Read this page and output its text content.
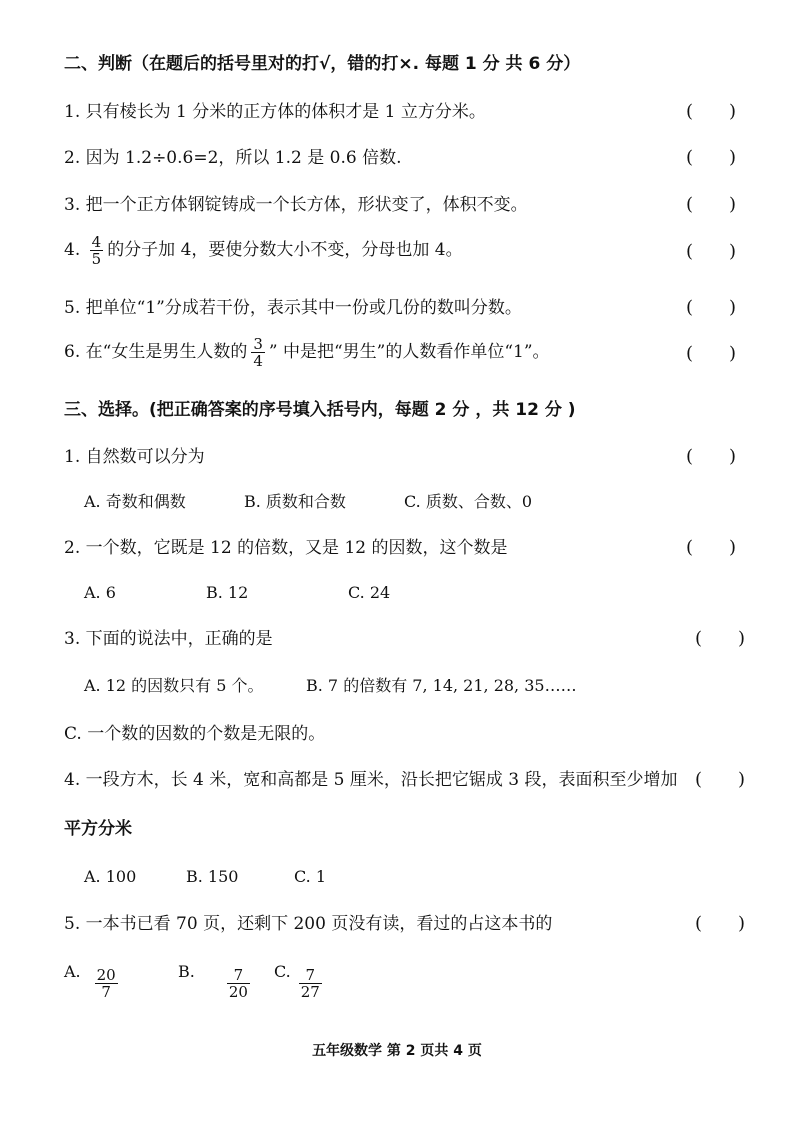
二、判断（在题后的括号里对的打√，错的打×. 每题 1 分 共 6 分）
1. 只有棱长为 1 分米的正方体的体积才是 1 立方分米。	(　　)
2. 因为 1.2÷0.6=2，所以 1.2 是 0.6 倍数.	(　　)
3. 把一个正方体钢锭铸成一个长方体，形状变了，体积不变。	(　　)
4. $\frac{4}{5}$ 的分子加 4，要使分数大小不变，分母也加 4。	(　　)
5. 把单位“1”分成若干份，表示其中一份或几份的数叫分数。	(　　)
6. 在“女生是男生人数的 $\frac{3}{4}$ ” 中是把“男生”的人数看作单位“1”。	(　　)
三、选择。(把正确答案的序号填入括号内，每题 2 分 ，共 12 分 )
1. 自然数可以分为	(　　)
A. 奇数和偶数	B. 质数和合数	C. 质数、合数、0
2. 一个数，它既是 12 的倍数，又是 12 的因数，这个数是	(　　)
A. 6	B. 12	C. 24
3. 下面的说法中，正确的是	(　　)
A. 12 的因数只有 5 个。	B. 7 的倍数有 7, 14, 21, 28, 35……
C. 一个数的因数的个数是无限的。
4. 一段方木，长 4 米，宽和高都是 5 厘米，沿长把它锯成 3 段，表面积至少增加 (　　)
平方分米
A. 100	B. 150	C. 1
5. 一本书已看 70 页，还剩下 200 页没有读，看过的占这本书的	(　　)
A. $\frac{20}{7}$	B. $\frac{7}{20} C$. $\frac{7}{27}$
五年级数学 第 2 页共 4 页
